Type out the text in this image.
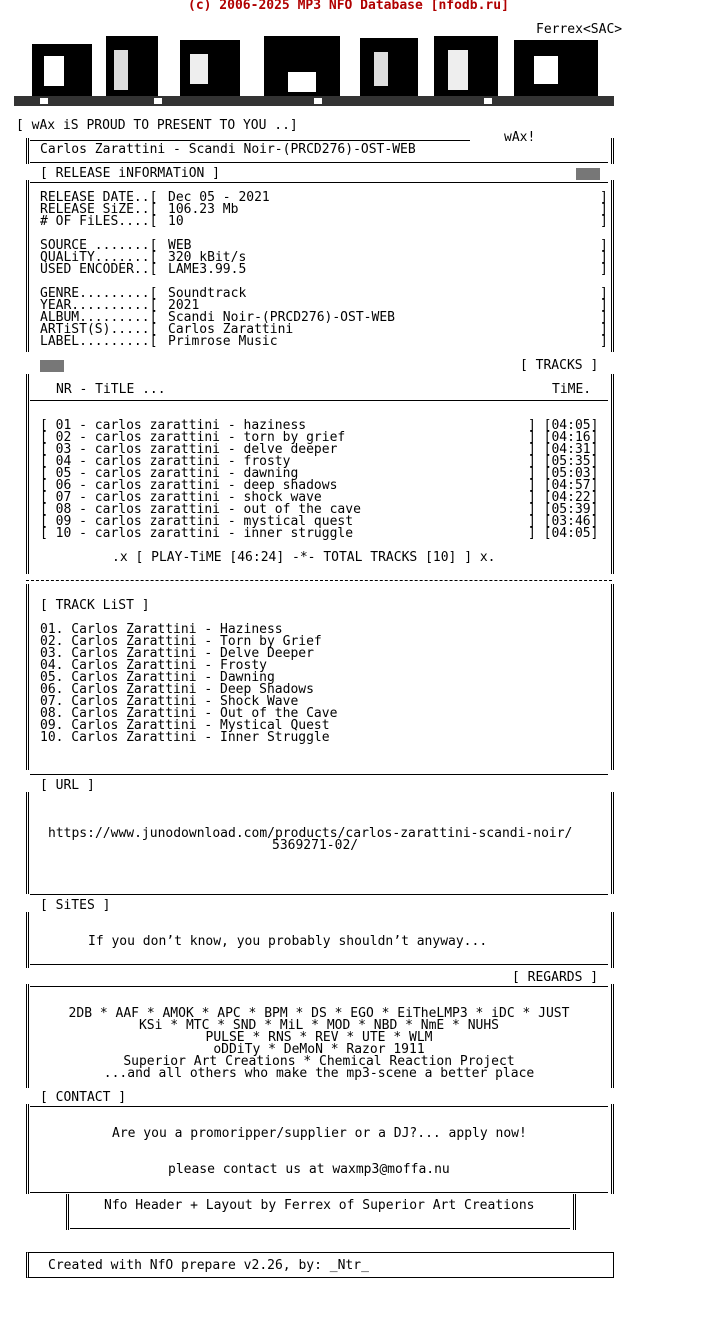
(c) 2006-2025 MP3 NFO Database [nfodb.ru]
Ferrex<SAC>
[ wAx iS PROUD TO PRESENT TO YOU ..]
wAx!
Carlos Zarattini - Scandi Noir-(PRCD276)-OST-WEB
[ RELEASE iNFORMATiON ]
RELEASE DATE..[ Dec 05 - 2021	]
RELEASE SiZE..[ 106.23 Mb	]
# OF FiLES....[ 10	]
SOURCE .......[ WEB	]
QUALiTY.......[ 320 kBit/s	]
USED ENCODER..[ LAME3.99.5	]
GENRE.........[ Soundtrack	]
YEAR..........[ 2021	]
ALBUM.........[ Scandi Noir-(PRCD276)-OST-WEB	]
ARTiST(S).....[ Carlos Zarattini	]
LABEL.........[ Primrose Music	]
[ TRACKS ]
NR - TiTLE ...	TiME.
[ 01 - carlos zarattini - haziness	] [04:05]
[ 02 - carlos zarattini - torn by grief	] [04:16]
[ 03 - carlos zarattini - delve deeper	] [04:31]
[ 04 - carlos zarattini - frosty	] [05:35]
[ 05 - carlos zarattini - dawning	] [05:03]
[ 06 - carlos zarattini - deep shadows	] [04:57]
[ 07 - carlos zarattini - shock wave	] [04:22]
[ 08 - carlos zarattini - out of the cave	] [05:39]
[ 09 - carlos zarattini - mystical quest	] [03:46]
[ 10 - carlos zarattini - inner struggle	] [04:05]
.x [ PLAY-TiME [46:24] -*- TOTAL TRACKS [10] ] x.
[ TRACK LiST ]
01. Carlos Zarattini - Haziness
02. Carlos Zarattini - Torn by Grief
03. Carlos Zarattini - Delve Deeper
04. Carlos Zarattini - Frosty
05. Carlos Zarattini - Dawning
06. Carlos Zarattini - Deep Shadows
07. Carlos Zarattini - Shock Wave
08. Carlos Zarattini - Out of the Cave
09. Carlos Zarattini - Mystical Quest
10. Carlos Zarattini - Inner Struggle
[ URL ]
https://www.junodownload.com/products/carlos-zarattini-scandi-noir/
5369271-02/
[ SiTES ]
If you don’t know, you probably shouldn’t anyway...
[ REGARDS ]
2DB * AAF * AMOK * APC * BPM * DS * EGO * EiTheLMP3 * iDC * JUST
KSi * MTC * SND * MiL * MOD * NBD * NmE * NUHS
PULSE * RNS * REV * UTE * WLM
oDDiTy * DeMoN * Razor 1911
Superior Art Creations * Chemical Reaction Project
...and all others who make the mp3-scene a better place
[ CONTACT ]
Are you a promoripper/supplier or a DJ?... apply now!
please contact us at waxmp3@moffa.nu
Nfo Header + Layout by Ferrex of Superior Art Creations
Created with NfO prepare v2.26, by: _Ntr_
